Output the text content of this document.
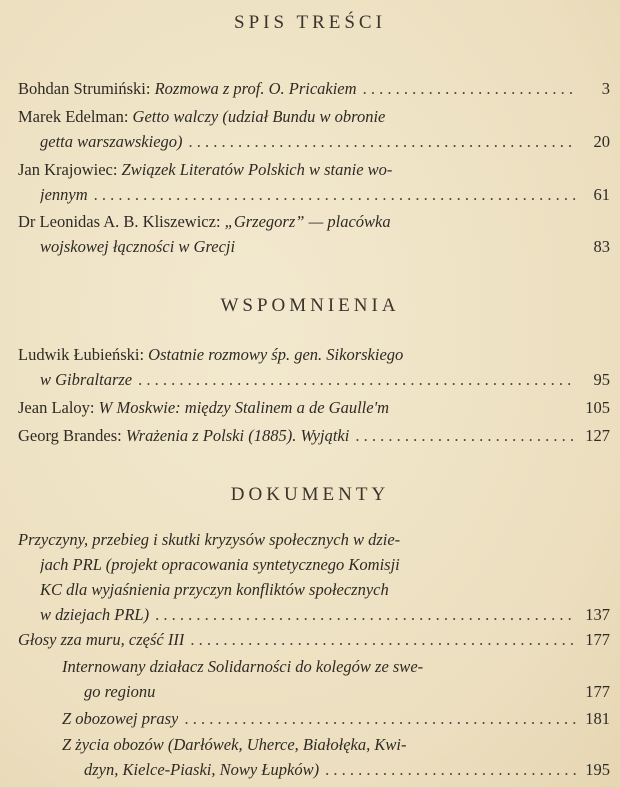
SPIS TREŚCI
Bohdan Strumiński: Rozmowa z prof. O. Pricakiem . . .	3
Marek Edelman: Getto walczy (udział Bundu w obronie
getta warszawskiego) . . .	20
Jan Krajowiec: Związek Literatów Polskich w stanie wo-
jennym . . .	61
Dr Leonidas A. B. Kliszewicz: „Grzegorz” — placówka
wojskowej łączności w Grecji	83
WSPOMNIENIA
Ludwik Łubieński: Ostatnie rozmowy śp. gen. Sikorskiego
w Gibraltarze . . .	95
Jean Laloy: W Moskwie: między Stalinem a de Gaulle'm	105
Georg Brandes: Wrażenia z Polski (1885). Wyjątki . . .	127
DOKUMENTY
Przyczyny, przebieg i skutki kryzysów społecznych w dzie-
jach PRL (projekt opracowania syntetycznego Komisji
KC dla wyjaśnienia przyczyn konfliktów społecznych
w dziejach PRL) . . .	137
Głosy zza muru, część III . . .	177
Internowany działacz Solidarności do kolegów ze swe-
go regionu	177
Z obozowej prasy . . .	181
Z życia obozów (Darłówek, Uherce, Białołęka, Kwi-
dzyn, Kielce-Piaski, Nowy Łupków) . . .	195
